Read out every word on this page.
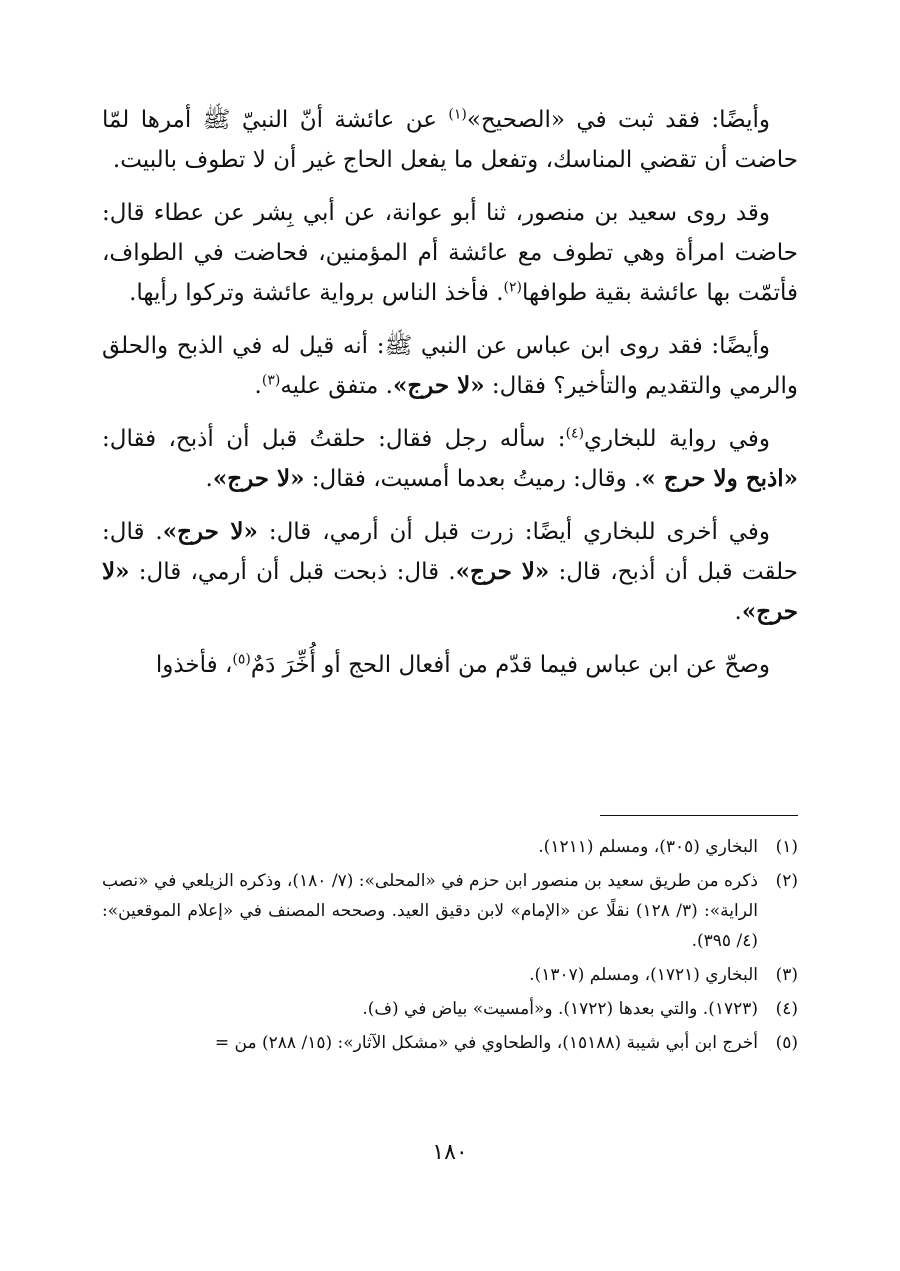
وأيضًا: فقد ثبت في «الصحيح»$^{(١)}$ عن عائشة أنّ النبيّ ﷺ أمرها لمّا حاضت أن تقضي المناسك، وتفعل ما يفعل الحاج غير أن لا تطوف بالبيت.

وقد روى سعيد بن منصور، ثنا أبو عوانة، عن أبي بِشر عن عطاء قال: حاضت امرأة وهي تطوف مع عائشة أم المؤمنين، فحاضت في الطواف، فأتمّت بها عائشة بقية طوافها$^{(٢)}$. فأخذ الناس برواية عائشة وتركوا رأيها.

وأيضًا: فقد روى ابن عباس عن النبي ﷺ: أنه قيل له في الذبح والحلق والرمي والتقديم والتأخير؟ فقال: «لا حرج». متفق عليه$^{(٣)}$.

وفي رواية للبخاري$^{(٤)}$: سأله رجل فقال: حلقتُ قبل أن أذبح، فقال: «اذبح ولا حرج ». وقال: رميتُ بعدما أمسيت، فقال: «لا حرج».

وفي أخرى للبخاري أيضًا: زرت قبل أن أرمي، قال: «لا حرج». قال: حلقت قبل أن أذبح، قال: «لا حرج». قال: ذبحت قبل أن أرمي، قال: «لا حرج».

وصحّ عن ابن عباس فيما قدّم من أفعال الحج أو أُخِّرَ دَمٌ$^{(٥)}$، فأخذوا

(١)
البخاري (٣٠٥)، ومسلم (١٢١١).
(٢)
ذكره من طريق سعيد بن منصور ابن حزم في «المحلى»: (٧/ ١٨٠)، وذكره الزيلعي في «نصب الراية»: (٣/ ١٢٨) نقلًا عن «الإمام» لابن دقيق العيد. وصححه المصنف في «إعلام الموقعين»: (٤/ ٣٩٥).
(٣)
البخاري (١٧٢١)، ومسلم (١٣٠٧).
(٤)
(١٧٢٣). والتي بعدها (١٧٢٢). و«أمسيت» بياض في (ف).
(٥)
أخرج ابن أبي شيبة (١٥١٨٨)، والطحاوي في «مشكل الآثار»: (١٥/ ٢٨٨) من =
١٨٠
